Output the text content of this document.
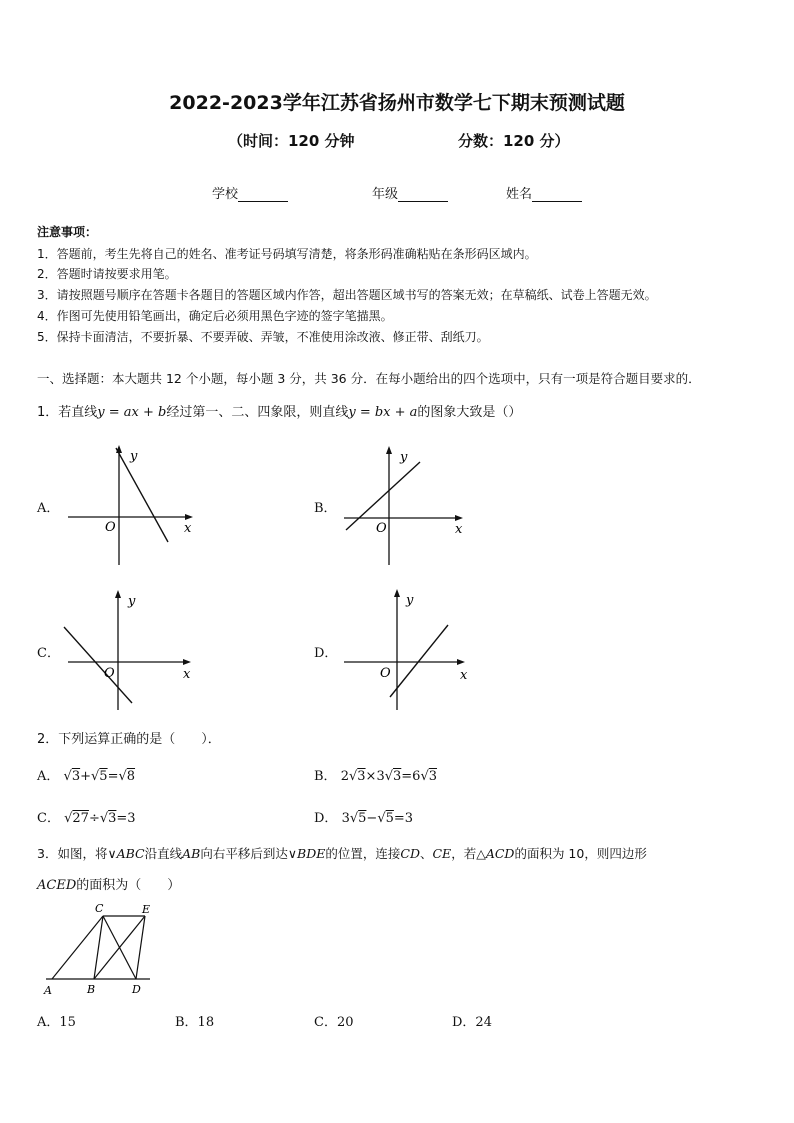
2022-2023学年江苏省扬州市数学七下期末预测试题
（时间：120 分钟	分数：120 分）
学校	年级	姓名
注意事项：
1．答题前，考生先将自己的姓名、准考证号码填写清楚，将条形码准确粘贴在条形码区域内。
2．答题时请按要求用笔。
3．请按照题号顺序在答题卡各题目的答题区域内作答，超出答题区域书写的答案无效；在草稿纸、试卷上答题无效。
4．作图可先使用铅笔画出，确定后必须用黑色字迹的签字笔描黑。
5．保持卡面清洁，不要折暴、不要弄破、弄皱，不准使用涂改液、修正带、刮纸刀。
一、选择题：本大题共 12 个小题，每小题 3 分，共 36 分．在每小题给出的四个选项中，只有一项是符合题目要求的．
1．若直线y = ax + b经过第一、二、四象限，则直线y = bx + a的图象大致是（）
A．	B．
C．	D．
x
y
O	x
y
O
x
y
O	x
y
O
2．下列运算正确的是（　　）．
A． √3+√5=√8	B． 2√3×3√3=6√3
C． √27÷√3=3	D． 3√5−√5=3
3．如图，将∨ABC沿直线AB向右平移后到达∨BDE的位置，连接CD、CE，若△ACD的面积为 10，则四边形
ACED的面积为（　　）
C	E
A	B	D
A．15	B．18	C．20	D．24
